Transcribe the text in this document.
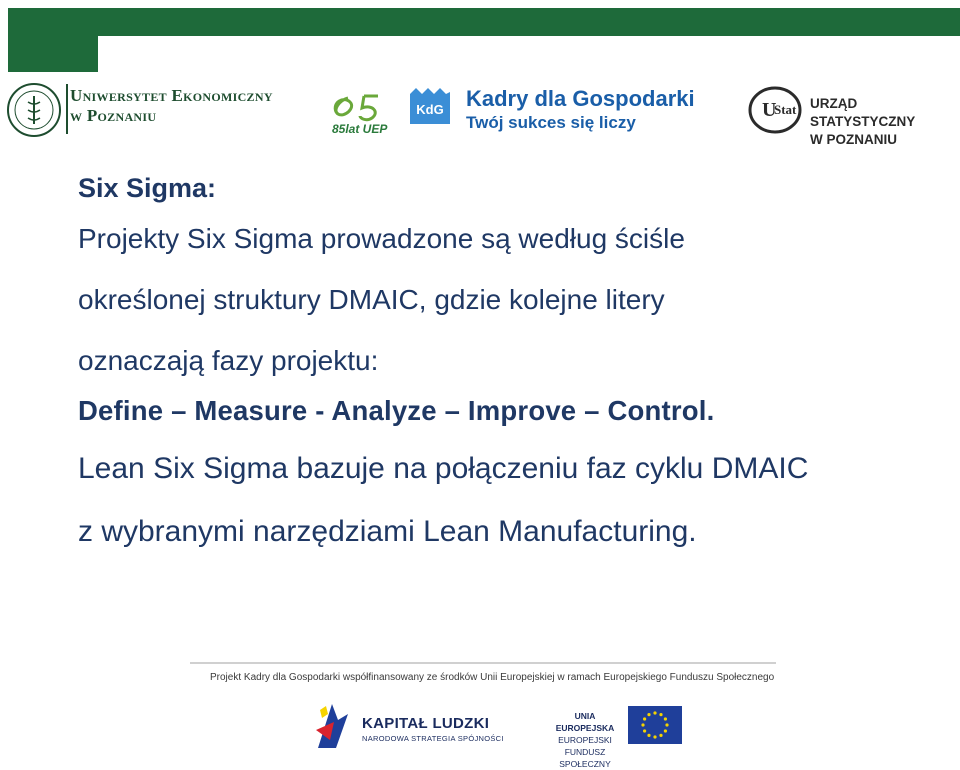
Uniwersytet Ekonomiczny
w Poznaniu
85lat UEP
KdG Kadry dla Gospodarki
Twój sukces się liczy
U
Stat URZĄD STATYSTYCZNY
W POZNANIU

Six Sigma:

Projekty Six Sigma prowadzone są według ściśle

określonej struktury DMAIC, gdzie kolejne litery

oznaczają fazy projektu:

Define – Measure - Analyze – Improve – Control.

Lean Six Sigma bazuje na połączeniu faz cyklu DMAIC

z wybranymi narzędziami Lean Manufacturing.

Projekt Kadry dla Gospodarki współfinansowany ze środków Unii Europejskiej w ramach Europejskiego Funduszu Społecznego
KAPITAŁ LUDZKI
NARODOWA STRATEGIA SPÓJNOŚCI
UNIA EUROPEJSKA
EUROPEJSKI
FUNDUSZ SPOŁECZNY
